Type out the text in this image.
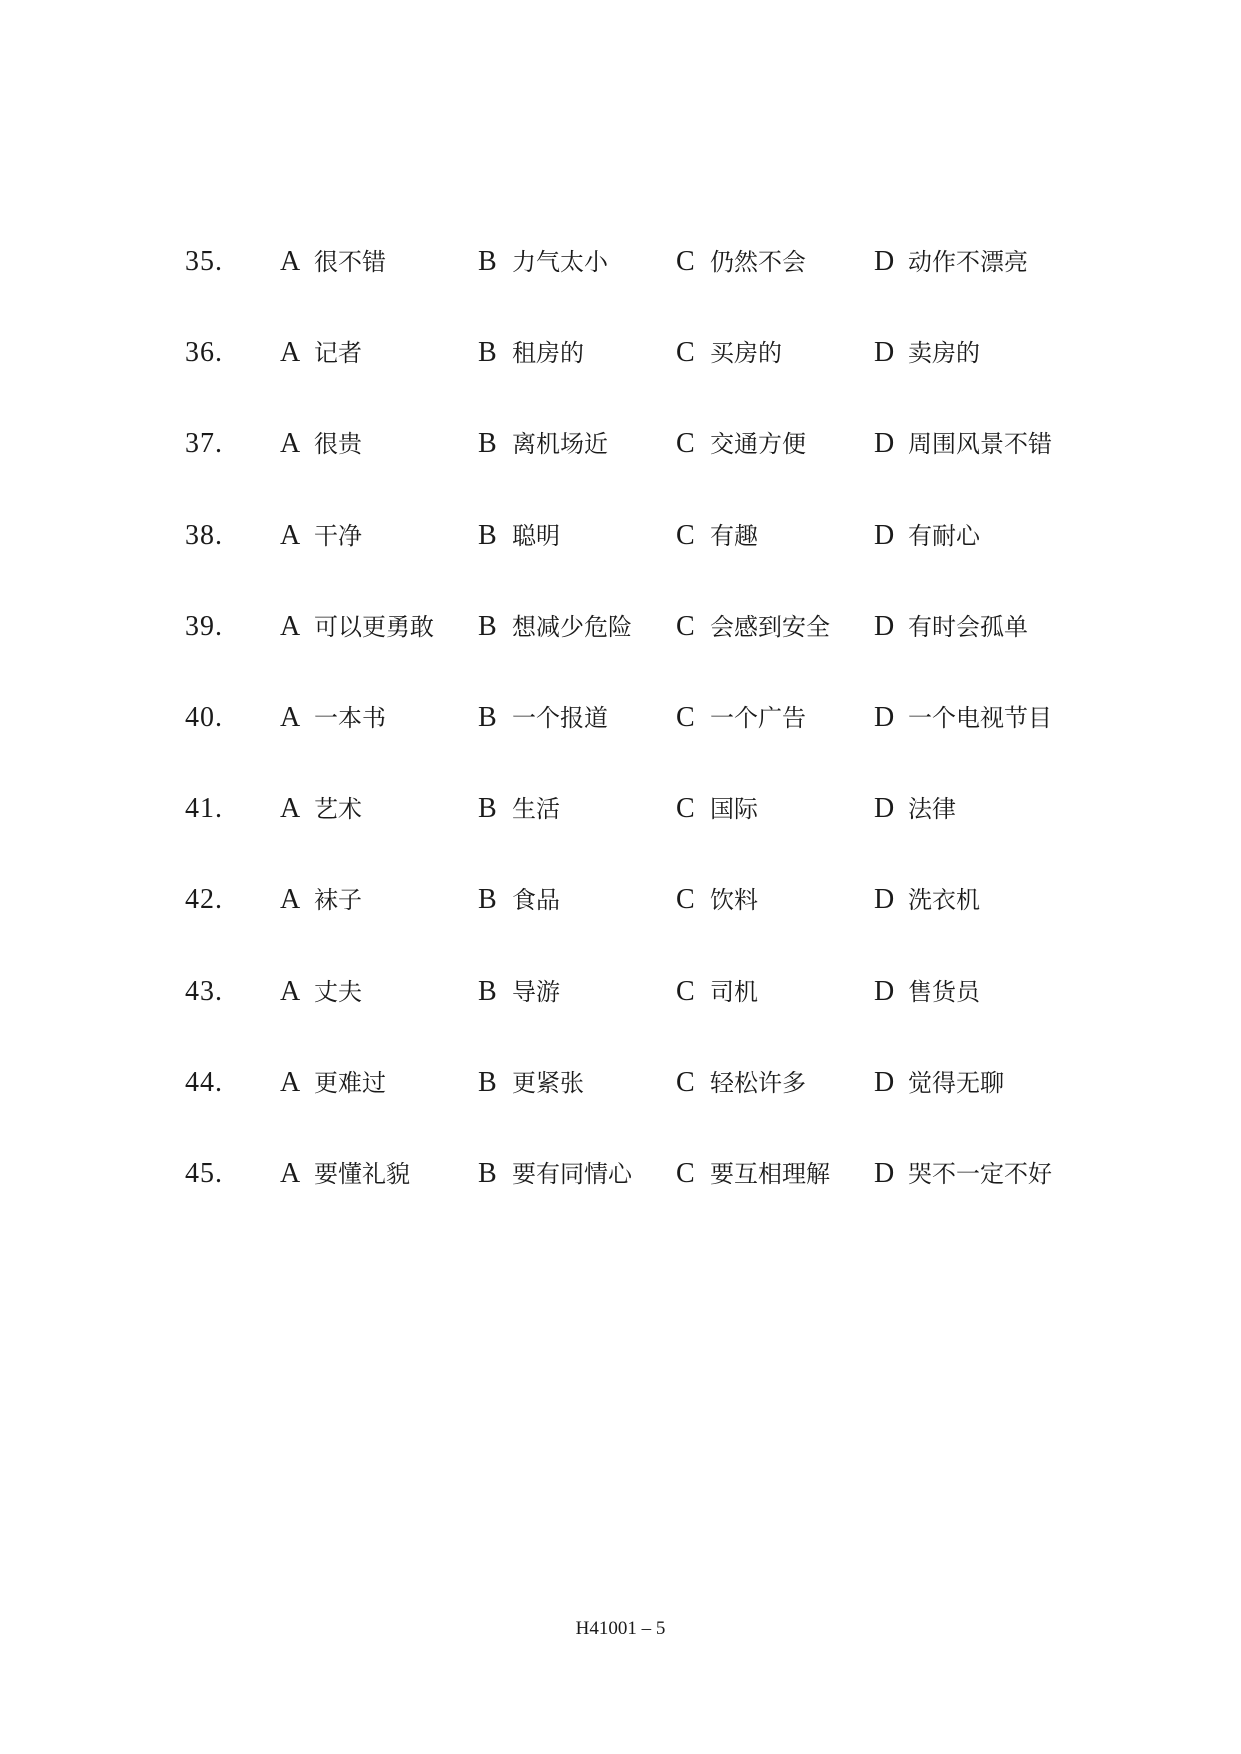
35. A 很不错	B 力气太小 C 仍然不会 D 动作不漂亮
36. A 记者	B 租房的	C 买房的	D 卖房的
37. A 很贵	B 离机场近 C 交通方便 D 周围风景不错
38. A 干净	B 聪明	C 有趣	D 有耐心
39. A 可以更勇敢 B 想减少危险 C 会感到安全 D 有时会孤单
40. A 一本书	B 一个报道 C 一个广告 D 一个电视节目
41. A 艺术	B 生活	C 国际	D 法律
42. A 袜子	B 食品	C 饮料	D 洗衣机
43. A 丈夫	B 导游	C 司机	D 售货员
44. A 更难过	B 更紧张	C 轻松许多 D 觉得无聊
45. A 要懂礼貌 B 要有同情心 C 要互相理解 D 哭不一定不好
H41001 – 5
